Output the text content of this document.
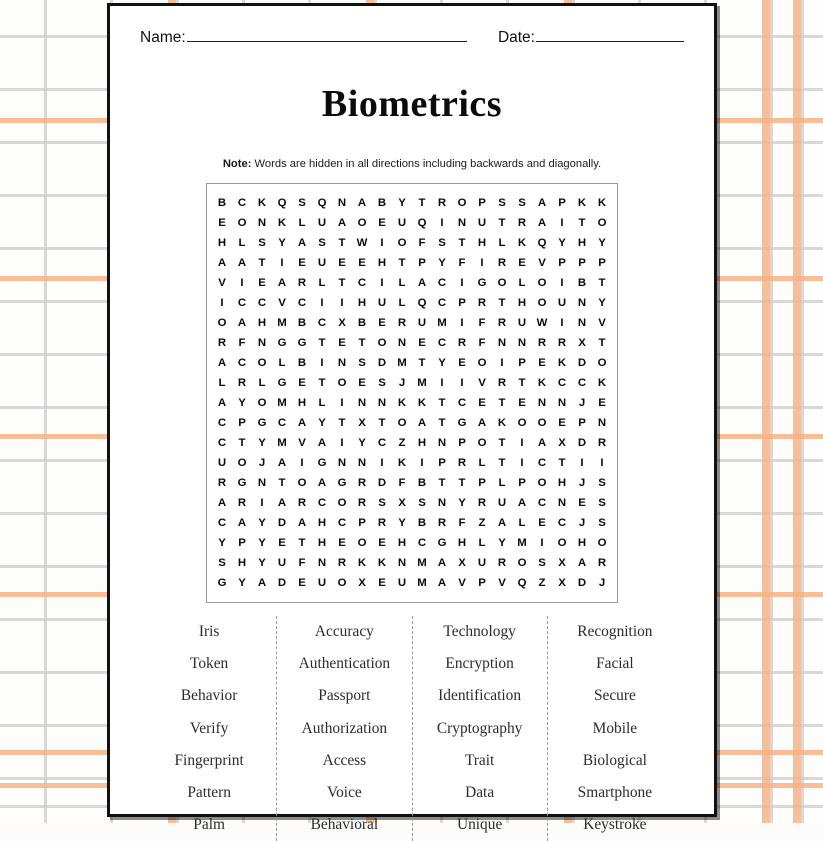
Name:	Date:
Biometrics

Note: Words are hidden in all directions including backwards and diagonally.

B	C	K	Q	S	Q	N	A	B	Y	T	R	O	P	S	S	A	P	K	K
E	O	N	K	L	U	A	O	E	U	Q	I	N	U	T	R	A	I	T	O
H	L	S	Y	A	S	T	W	I	O	F	S	T	H	L	K	Q	Y	H	Y
A	A	T	I	E	U	E	E	H	T	P	Y	F	I	R	E	V	P	P	P
V	I	E	A	R	L	T	C	I	L	A	C	I	G	O	L	O	I	B	T
I	C	C	V	C	I	I	H	U	L	Q	C	P	R	T	H	O	U	N	Y
O	A	H	M	B	C	X	B	E	R	U	M	I	F	R	U	W	I	N	V
R	F	N	G	G	T	E	T	O	N	E	C	R	F	N	N	R	R	X	T
A	C	O	L	B	I	N	S	D	M	T	Y	E	O	I	P	E	K	D	O
L	R	L	G	E	T	O	E	S	J	M	I	I	V	R	T	K	C	C	K
A	Y	O	M	H	L	I	N	N	K	K	T	C	E	T	E	N	N	J	E
C	P	G	C	A	Y	T	X	T	O	A	T	G	A	K	O	O	E	P	N
C	T	Y	M	V	A	I	Y	C	Z	H	N	P	O	T	I	A	X	D	R
U	O	J	A	I	G	N	N	I	K	I	P	R	L	T	I	C	T	I	I
R	G	N	T	O	A	G	R	D	F	B	T	T	P	L	P	O	H	J	S
A	R	I	A	R	C	O	R	S	X	S	N	Y	R	U	A	C	N	E	S
C	A	Y	D	A	H	C	P	R	Y	B	R	F	Z	A	L	E	C	J	S
Y	P	Y	E	T	H	E	O	E	H	C	G	H	L	Y	M	I	O	H	O
S	H	Y	U	F	N	R	K	K	N	M	A	X	U	R	O	S	X	A	R
G	Y	A	D	E	U	O	X	E	U	M	A	V	P	V	Q	Z	X	D	J
Iris
Token
Behavior
Verify
Fingerprint
Pattern
Palm
Accuracy
Authentication
Passport
Authorization
Access
Voice
Behavioral
Technology
Encryption
Identification
Cryptography
Trait
Data
Unique
Recognition
Facial
Secure
Mobile
Biological
Smartphone
Keystroke
